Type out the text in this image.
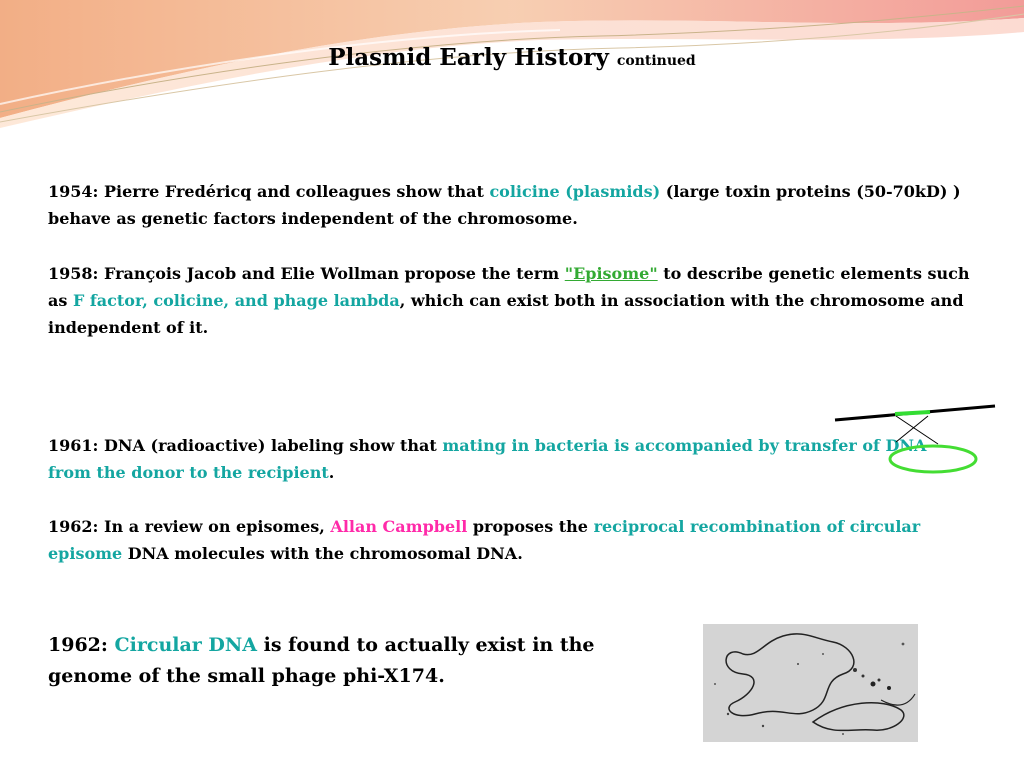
Plasmid Early History continued
1954: Pierre Fredéricq and colleagues show that colicine (plasmids) (large toxin proteins (50-70kD) ) behave as genetic factors independent of the chromosome.
1958: François Jacob and Elie Wollman propose the term "Episome" to describe genetic elements such as F factor, colicine, and phage lambda, which can exist both in association with the chromosome and independent of it.
1961: DNA (radioactive) labeling show that mating in bacteria is accompanied by transfer of DNA from the donor to the recipient.
1962: In a review on episomes, Allan Campbell proposes the reciprocal recombination of circular episome DNA molecules with the chromosomal DNA.
1962: Circular DNA is found to actually exist in the genome of the small phage phi-X174.
